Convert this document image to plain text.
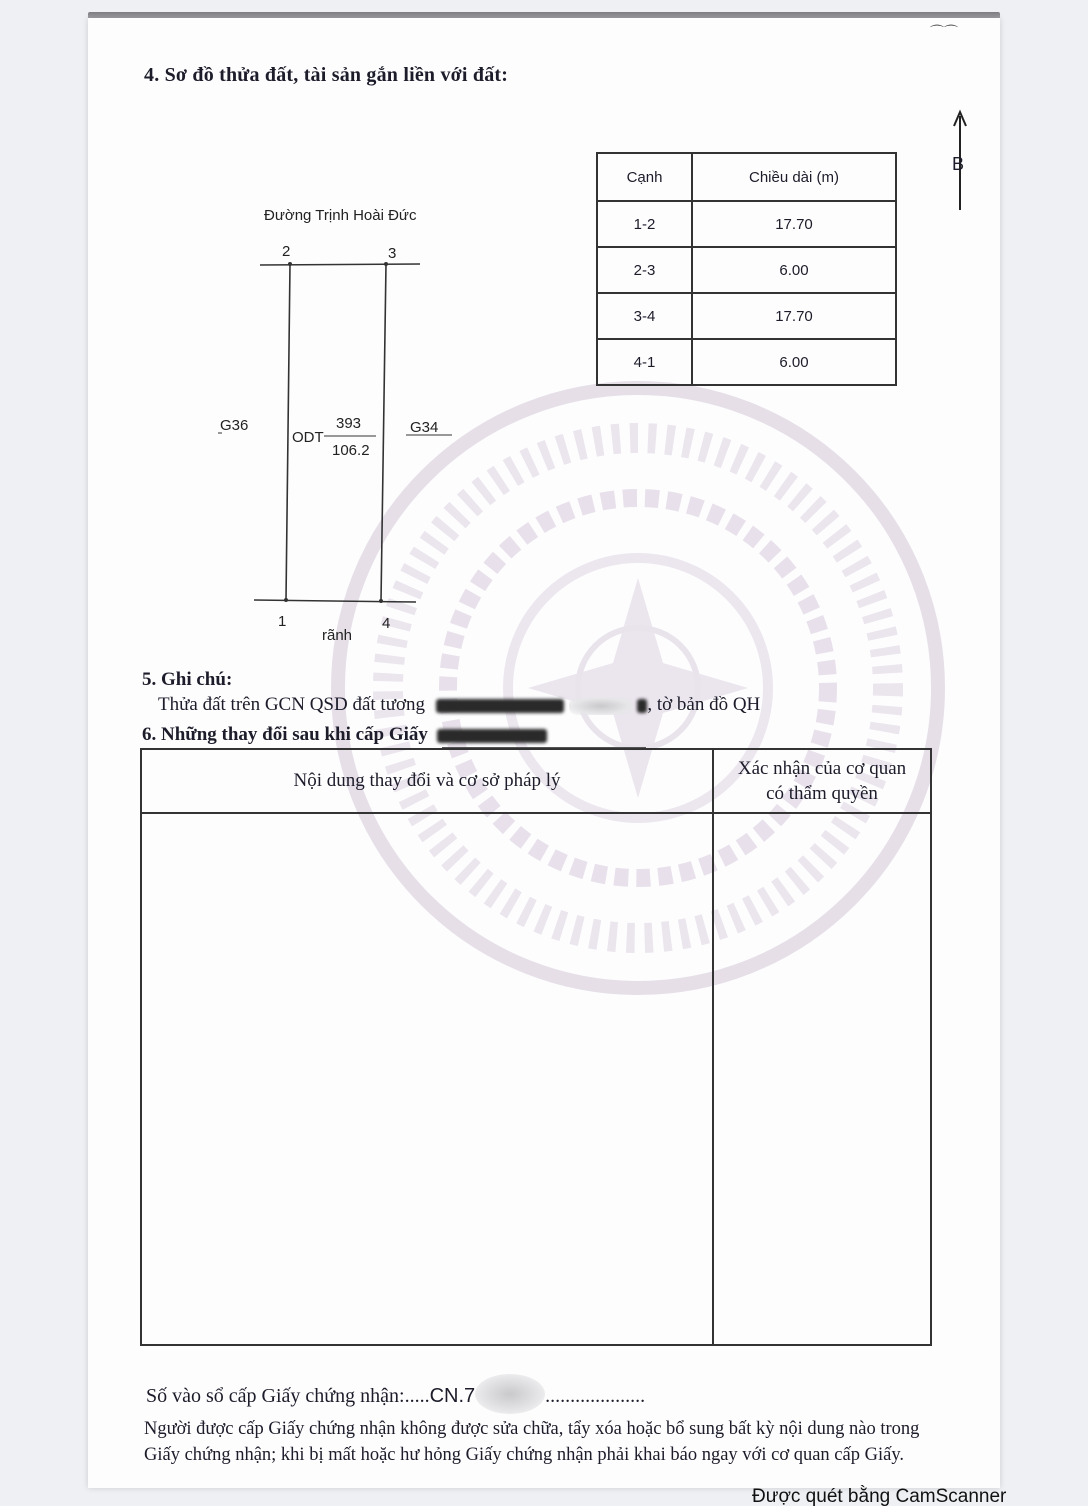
⌒⌒
4. Sơ đồ thửa đất, tài sản gắn liền với đất:
Đường Trịnh Hoài Đức
2	3
1	4
rãnh
G36	G34
ODT
393
106.2
B
Cạnh	Chiều dài (m)
1-2	17.70
2-3	6.00
3-4	17.70
4-1	6.00
5. Ghi chú:
Thửa đất trên GCN QSD đất tương	, tờ bản đồ QH
6. Những thay đổi sau khi cấp Giấy
Nội dung thay đổi và cơ sở pháp lý
Xác nhận của cơ quan
có thẩm quyền
Số vào sổ cấp Giấy chứng nhận:.....CN.7	....................
Người được cấp Giấy chứng nhận không được sửa chữa, tẩy xóa hoặc bổ sung bất kỳ nội dung nào trong Giấy chứng nhận; khi bị mất hoặc hư hỏng Giấy chứng nhận phải khai báo ngay với cơ quan cấp Giấy.
Được quét bằng CamScanner
